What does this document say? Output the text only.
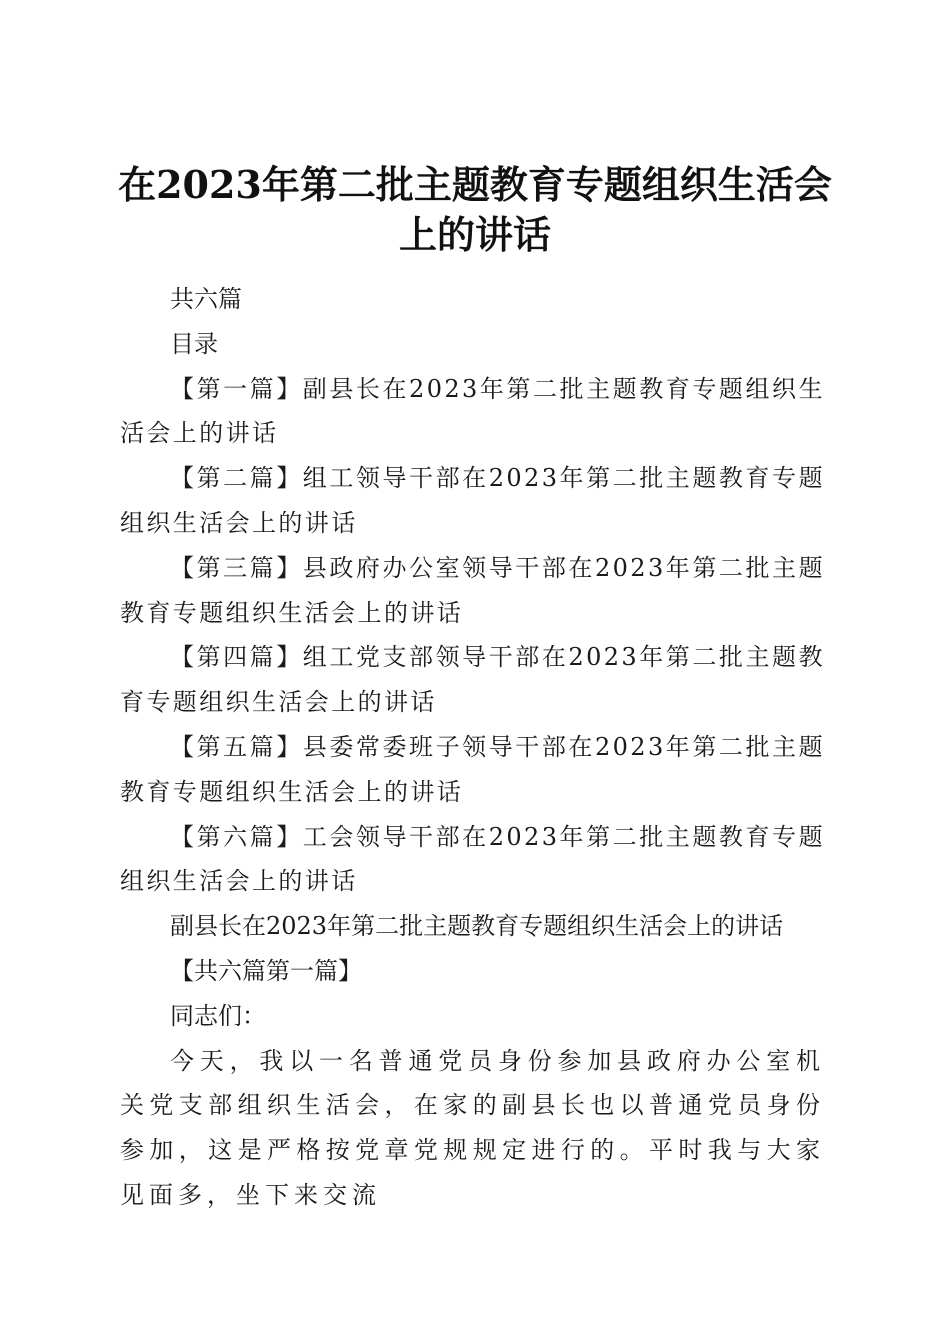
在2023年第二批主题教育专题组织生活会上的讲话

共六篇

目录

【第一篇】副县长在2023年第二批主题教育专题组织生活会上的讲话

【第二篇】组工领导干部在2023年第二批主题教育专题组织生活会上的讲话

【第三篇】县政府办公室领导干部在2023年第二批主题教育专题组织生活会上的讲话

【第四篇】组工党支部领导干部在2023年第二批主题教育专题组织生活会上的讲话

【第五篇】县委常委班子领导干部在2023年第二批主题教育专题组织生活会上的讲话

【第六篇】工会领导干部在2023年第二批主题教育专题组织生活会上的讲话

副县长在2023年第二批主题教育专题组织生活会上的讲话

【共六篇第一篇】

同志们：

今天，我以一名普通党员身份参加县政府办公室机关党支部组织生活会，在家的副县长也以普通党员身份参加，这是严格按党章党规规定进行的。平时我与大家见面多，坐下来交流
